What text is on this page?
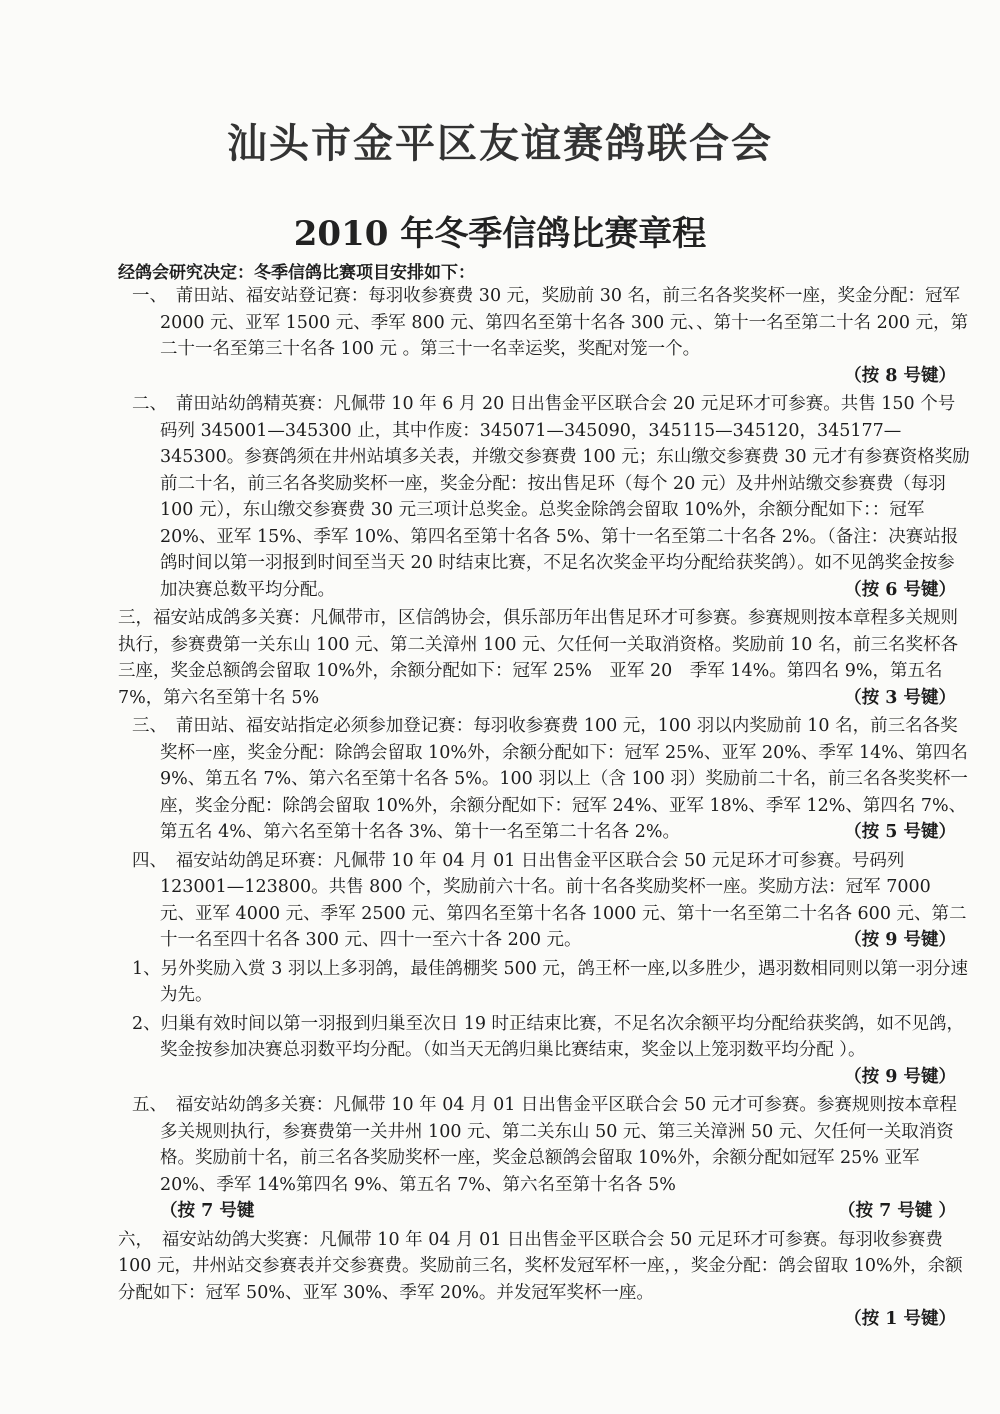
汕头市金平区友谊赛鸽联合会
2010 年冬季信鸽比赛章程
经鸽会研究决定：冬季信鸽比赛项目安排如下：
一、　莆田站、福安站登记赛：每羽收参赛费 30 元，奖励前 30 名，前三名各奖奖杯一座，奖金分配：冠军 2000 元、亚军 1500 元、季军 800 元、第四名至第十名各 300 元、、第十一名至第二十名 200 元，第二十一名至第三十名各 100 元 。第三十一名幸运奖，奖配对笼一个。
（按 8 号键）
二、　莆田站幼鸽精英赛：凡佩带 10 年 6 月 20 日出售金平区联合会 20 元足环才可参赛。共售 150 个号码列 345001—345300 止，其中作废：345071—345090，345115—345120，345177—345300。参赛鸽须在井州站填多关表，并缴交参赛费 100 元；东山缴交参赛费 30 元才有参赛资格奖励前二十名，前三名各奖励奖杯一座，奖金分配：按出售足环（每个 20 元）及井州站缴交参赛费（每羽 100 元），东山缴交参赛费 30 元三项计总奖金。总奖金除鸽会留取 10%外，余额分配如下：：冠军 20%、亚军 15%、季军 10%、第四名至第十名各 5%、第十一名至第二十名各 2%。（备注：决赛站报鸽时间以第一羽报到时间至当天 20 时结束比赛，不足名次奖金平均分配给获奖鸽）。如不见鸽奖金按参加决赛总数平均分配。	（按 6 号键）
三，福安站成鸽多关赛：凡佩带市，区信鸽协会，俱乐部历年出售足环才可参赛。参赛规则按本章程多关规则执行，参赛费第一关东山 100 元、第二关漳州 100 元、欠任何一关取消资格。奖励前 10 名，前三名奖杯各三座，奖金总额鸽会留取 10%外，余额分配如下：冠军 25%　亚军 20　季军 14%。第四名 9%，第五名 7%，第六名至第十名 5%	（按 3 号键）
三、　莆田站、福安站指定必须参加登记赛：每羽收参赛费 100 元，100 羽以内奖励前 10 名，前三名各奖奖杯一座，奖金分配：除鸽会留取 10%外，余额分配如下：冠军 25%、亚军 20%、季军 14%、第四名 9%、第五名 7%、第六名至第十名各 5%。100 羽以上（含 100 羽）奖励前二十名，前三名各奖奖杯一座，奖金分配：除鸽会留取 10%外，余额分配如下：冠军 24%、亚军 18%、季军 12%、第四名 7%、第五名 4%、第六名至第十名各 3%、第十一名至第二十名各 2%。	（按 5 号键）
四、　福安站幼鸽足环赛：凡佩带 10 年 04 月 01 日出售金平区联合会 50 元足环才可参赛。号码列 123001—123800。共售 800 个，奖励前六十名。前十名各奖励奖杯一座。奖励方法：冠军 7000 元、亚军 4000 元、季军 2500 元、第四名至第十名各 1000 元、第十一名至第二十名各 600 元、第二十一名至四十名各 300 元、四十一至六十各 200 元。	（按 9 号键）
1、另外奖励入赏 3 羽以上多羽鸽，最佳鸽棚奖 500 元，鸽王杯一座,以多胜少，遇羽数相同则以第一羽分速为先。
2、归巢有效时间以第一羽报到归巢至次日 19 时正结束比赛，不足名次余额平均分配给获奖鸽，如不见鸽，奖金按参加决赛总羽数平均分配。（如当天无鸽归巢比赛结束，奖金以上笼羽数平均分配 ）。
（按 9 号键）
五、　福安站幼鸽多关赛：凡佩带 10 年 04 月 01 日出售金平区联合会 50 元才可参赛。参赛规则按本章程多关规则执行，参赛费第一关井州 100 元、第二关东山 50 元、第三关漳洲 50 元、欠任何一关取消资格。奖励前十名，前三名各奖励奖杯一座，奖金总额鸽会留取 10%外，余额分配如冠军 25% 亚军 20%、季军 14%第四名 9%、第五名 7%、第六名至第十名各 5%
（按 7 号键	（按 7 号键 ）
六，　福安站幼鸽大奖赛：凡佩带 10 年 04 月 01 日出售金平区联合会 50 元足环才可参赛。每羽收参赛费 100 元，井州站交参赛表并交参赛费。奖励前三名，奖杯发冠军杯一座，，奖金分配：鸽会留取 10%外，余额分配如下：冠军 50%、亚军 30%、季军 20%。并发冠军奖杯一座。
（按 1 号键）
